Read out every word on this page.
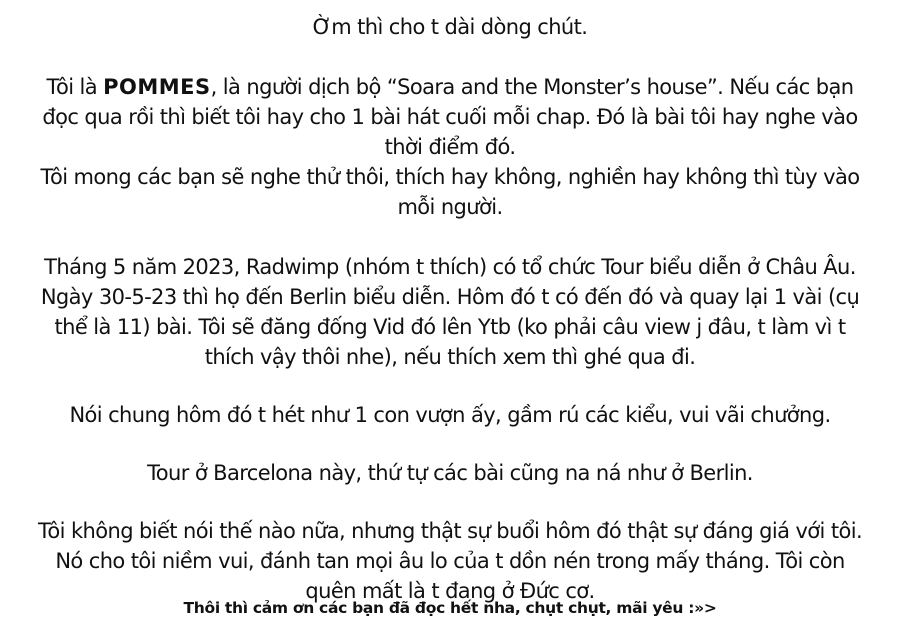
Ờm thì cho t dài dòng chút.

Tôi là POMMES, là người dịch bộ “Soara and the Monster’s house”. Nếu các bạn đọc qua rồi thì biết tôi hay cho 1 bài hát cuối mỗi chap. Đó là bài tôi hay nghe vào thời điểm đó.

Tôi mong các bạn sẽ nghe thử thôi, thích hay không, nghiền hay không thì tùy vào mỗi người.

Tháng 5 năm 2023, Radwimp (nhóm t thích) có tổ chức Tour biểu diễn ở Châu Âu. Ngày 30-5-23 thì họ đến Berlin biểu diễn. Hôm đó t có đến đó và quay lại 1 vài (cụ thể là 11) bài. Tôi sẽ đăng đống Vid đó lên Ytb (ko phải câu view j đâu, t làm vì t thích vậy thôi nhe), nếu thích xem thì ghé qua đi.

Nói chung hôm đó t hét như 1 con vượn ấy, gầm rú các kiểu, vui vãi chưởng.

Tour ở Barcelona này, thứ tự các bài cũng na ná như ở Berlin.

Tôi không biết nói thế nào nữa, nhưng thật sự buổi hôm đó thật sự đáng giá với tôi. Nó cho tôi niềm vui, đánh tan mọi âu lo của t dồn nén trong mấy tháng. Tôi còn quên mất là t đang ở Đức cơ.

Thôi thì cảm ơn các bạn đã đọc hết nha, chụt chụt, mãi yêu :»>
